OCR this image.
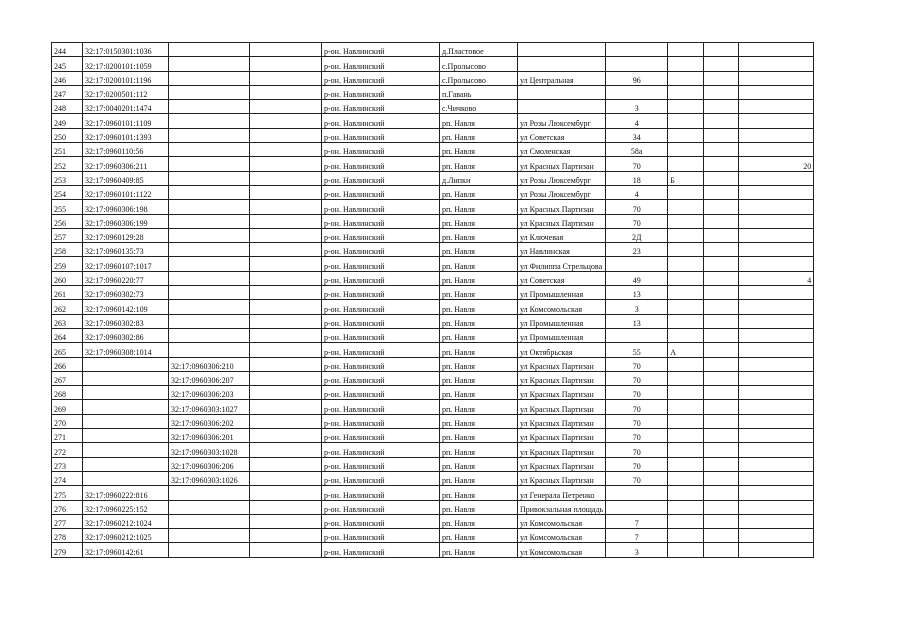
244	32:17:0150301:1036			р-он. Навлинский	д.Пластовое					
245	32:17:0200101:1059			р-он. Навлинский	с.Пролысово					
246	32:17:0200101:1196			р-он. Навлинский	с.Пролысово	ул Центральная	96			
247	32:17:0200501:112			р-он. Навлинский	п.Гавань					
248	32:17:0040201:1474			р-он. Навлинский	с.Чичково		3			
249	32:17:0960101:1109			р-он. Навлинский	рп. Навля	ул Розы Люксембург	4			
250	32:17:0960101:1393			р-он. Навлинский	рп. Навля	ул Советская	34			
251	32:17:0960110:56			р-он. Навлинский	рп. Навля	ул Смоленская	58а			
252	32:17:0960306:211			р-он. Навлинский	рп. Навля	ул Красных Партизан	70			20
253	32:17:0960409:85			р-он. Навлинский	д.Липки	ул Розы Люксембург	18	Б		
254	32:17:0960101:1122			р-он. Навлинский	рп. Навля	ул Розы Люксембург	4			
255	32:17:0960306:198			р-он. Навлинский	рп. Навля	ул Красных Партизан	70			
256	32:17:0960306:199			р-он. Навлинский	рп. Навля	ул Красных Партизан	70			
257	32:17:0960129:28			р-он. Навлинский	рп. Навля	ул Ключевая	2Д			
258	32:17:0960135:73			р-он. Навлинский	рп. Навля	ул Навлинская	23			
259	32:17:0960107:1017			р-он. Навлинский	рп. Навля	ул Филиппа Стрельцова				
260	32:17:0960220:77			р-он. Навлинский	рп. Навля	ул Советская	49			4
261	32:17:0960302:73			р-он. Навлинский	рп. Навля	ул Промышленная	13			
262	32:17:0960142:109			р-он. Навлинский	рп. Навля	ул Комсомольская	3			
263	32:17:0960302:83			р-он. Навлинский	рп. Навля	ул Промышленная	13			
264	32:17:0960302:86			р-он. Навлинский	рп. Навля	ул Промышленная				
265	32:17:0960308:1014			р-он. Навлинский	рп. Навля	ул Октябрьская	55	А		
266		32:17:0960306:210		р-он. Навлинский	рп. Навля	ул Красных Партизан	70			
267		32:17:0960306:207		р-он. Навлинский	рп. Навля	ул Красных Партизан	70			
268		32:17:0960306:203		р-он. Навлинский	рп. Навля	ул Красных Партизан	70			
269		32:17:0960303:1027		р-он. Навлинский	рп. Навля	ул Красных Партизан	70			
270		32:17:0960306:202		р-он. Навлинский	рп. Навля	ул Красных Партизан	70			
271		32:17:0960306:201		р-он. Навлинский	рп. Навля	ул Красных Партизан	70			
272		32:17:0960303:1028		р-он. Навлинский	рп. Навля	ул Красных Партизан	70			
273		32:17:0960306:206		р-он. Навлинский	рп. Навля	ул Красных Партизан	70			
274		32:17:0960303:1026		р-он. Навлинский	рп. Навля	ул Красных Партизан	70			
275	32:17:0960222:816			р-он. Навлинский	рп. Навля	ул Генерала Петренко				
276	32:17:0960225:152			р-он. Навлинский	рп. Навля	Привокзальная площадь				
277	32:17:0960212:1024			р-он. Навлинский	рп. Навля	ул Комсомольская	7			
278	32:17:0960212:1025			р-он. Навлинский	рп. Навля	ул Комсомольская	7			
279	32:17:0960142:61			р-он. Навлинский	рп. Навля	ул Комсомольская	3			
